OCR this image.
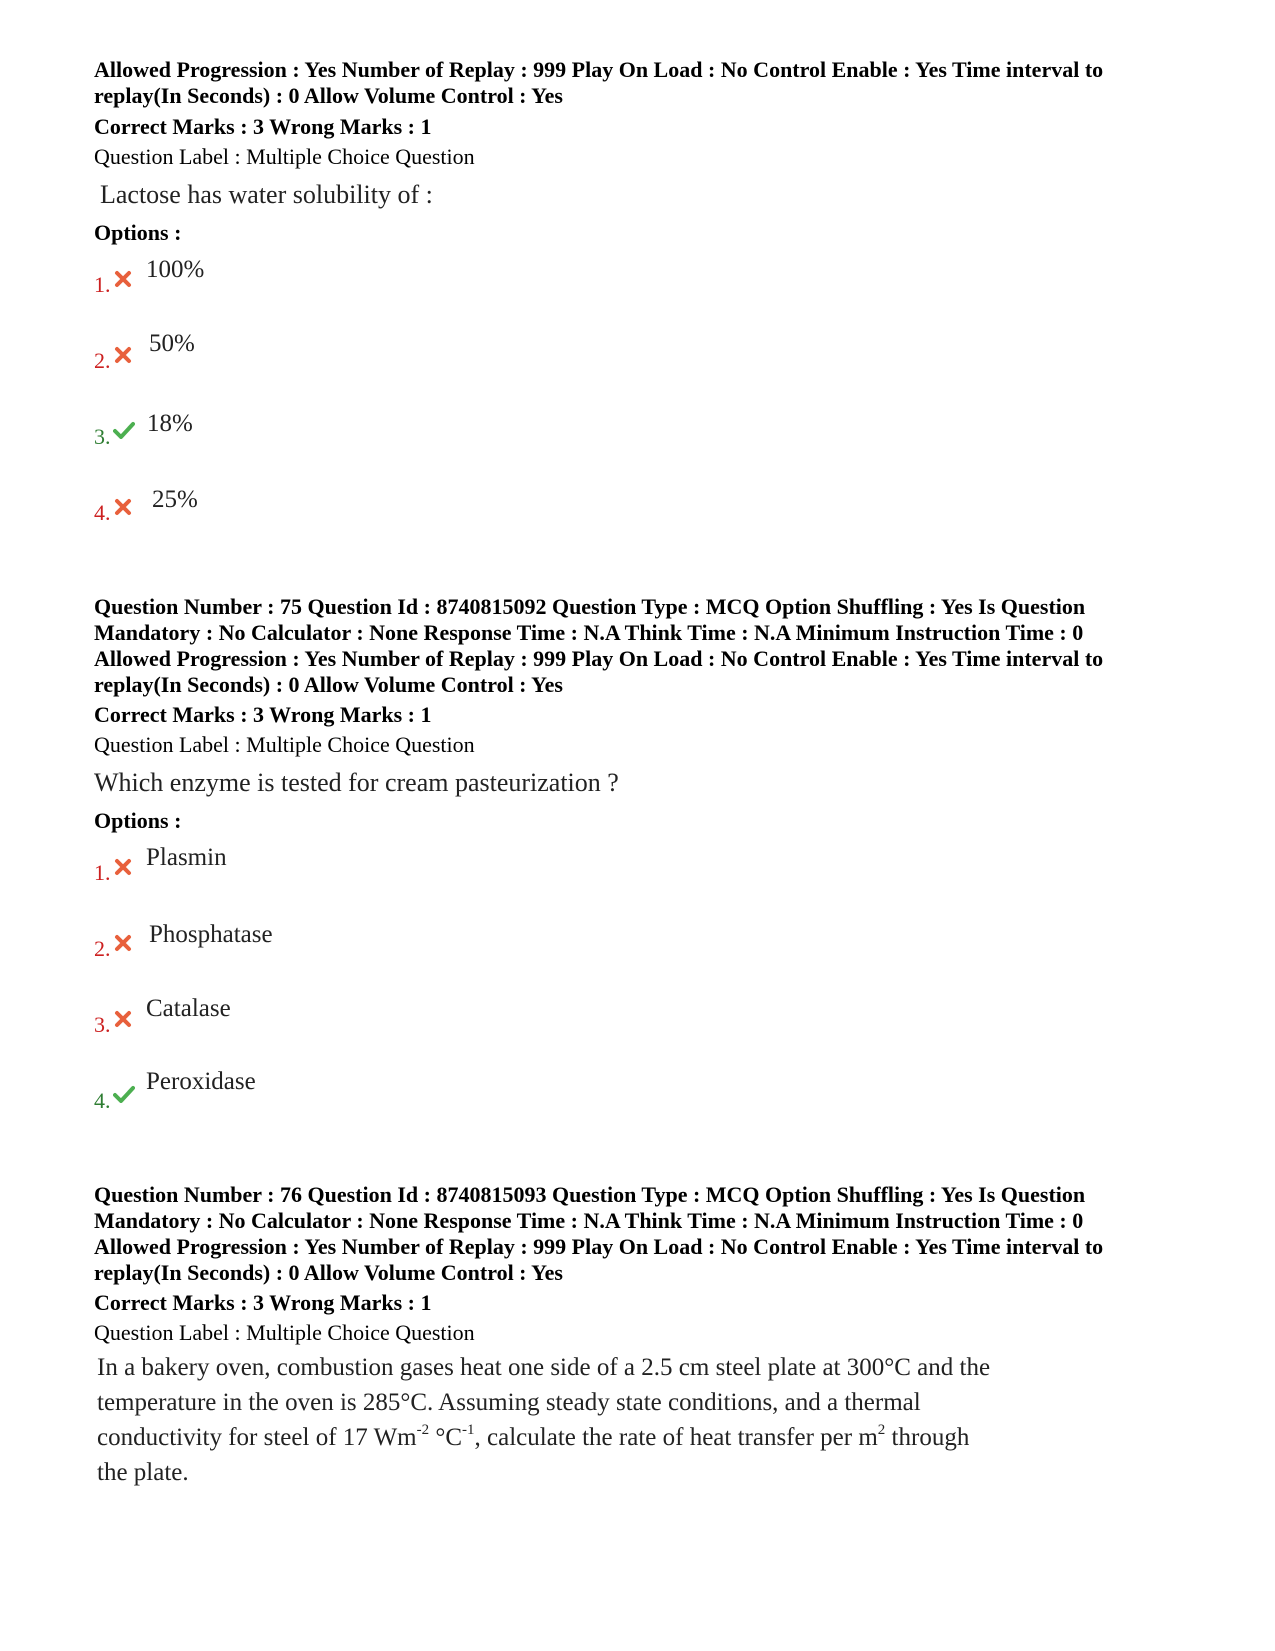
Allowed Progression : Yes Number of Replay : 999 Play On Load : No Control Enable : Yes Time interval to
replay(In Seconds) : 0 Allow Volume Control : Yes
Correct Marks : 3 Wrong Marks : 1
Question Label : Multiple Choice Question
Lactose has water solubility of :
Options :
1.
100%
2.
50%
3. 18%
4. 25%
Question Number : 75 Question Id : 8740815092 Question Type : MCQ Option Shuffling : Yes Is Question
Mandatory : No Calculator : None Response Time : N.A Think Time : N.A Minimum Instruction Time : 0
Allowed Progression : Yes Number of Replay : 999 Play On Load : No Control Enable : Yes Time interval to
replay(In Seconds) : 0 Allow Volume Control : Yes
Correct Marks : 3 Wrong Marks : 1
Question Label : Multiple Choice Question
Which enzyme is tested for cream pasteurization ?
Options :
1.
Plasmin
2.
Phosphatase
3.
Catalase
4.
Peroxidase
Question Number : 76 Question Id : 8740815093 Question Type : MCQ Option Shuffling : Yes Is Question
Mandatory : No Calculator : None Response Time : N.A Think Time : N.A Minimum Instruction Time : 0
Allowed Progression : Yes Number of Replay : 999 Play On Load : No Control Enable : Yes Time interval to
replay(In Seconds) : 0 Allow Volume Control : Yes
Correct Marks : 3 Wrong Marks : 1
Question Label : Multiple Choice Question
In a bakery oven, combustion gases heat one side of a 2.5 cm steel plate at 300°C and the
temperature in the oven is 285°C. Assuming steady state conditions, and a thermal
conductivity for steel of 17 $Wm^{-2}$ $^\circ C^{-1}$, calculate the rate of heat transfer per $m^2$ through
the plate.
